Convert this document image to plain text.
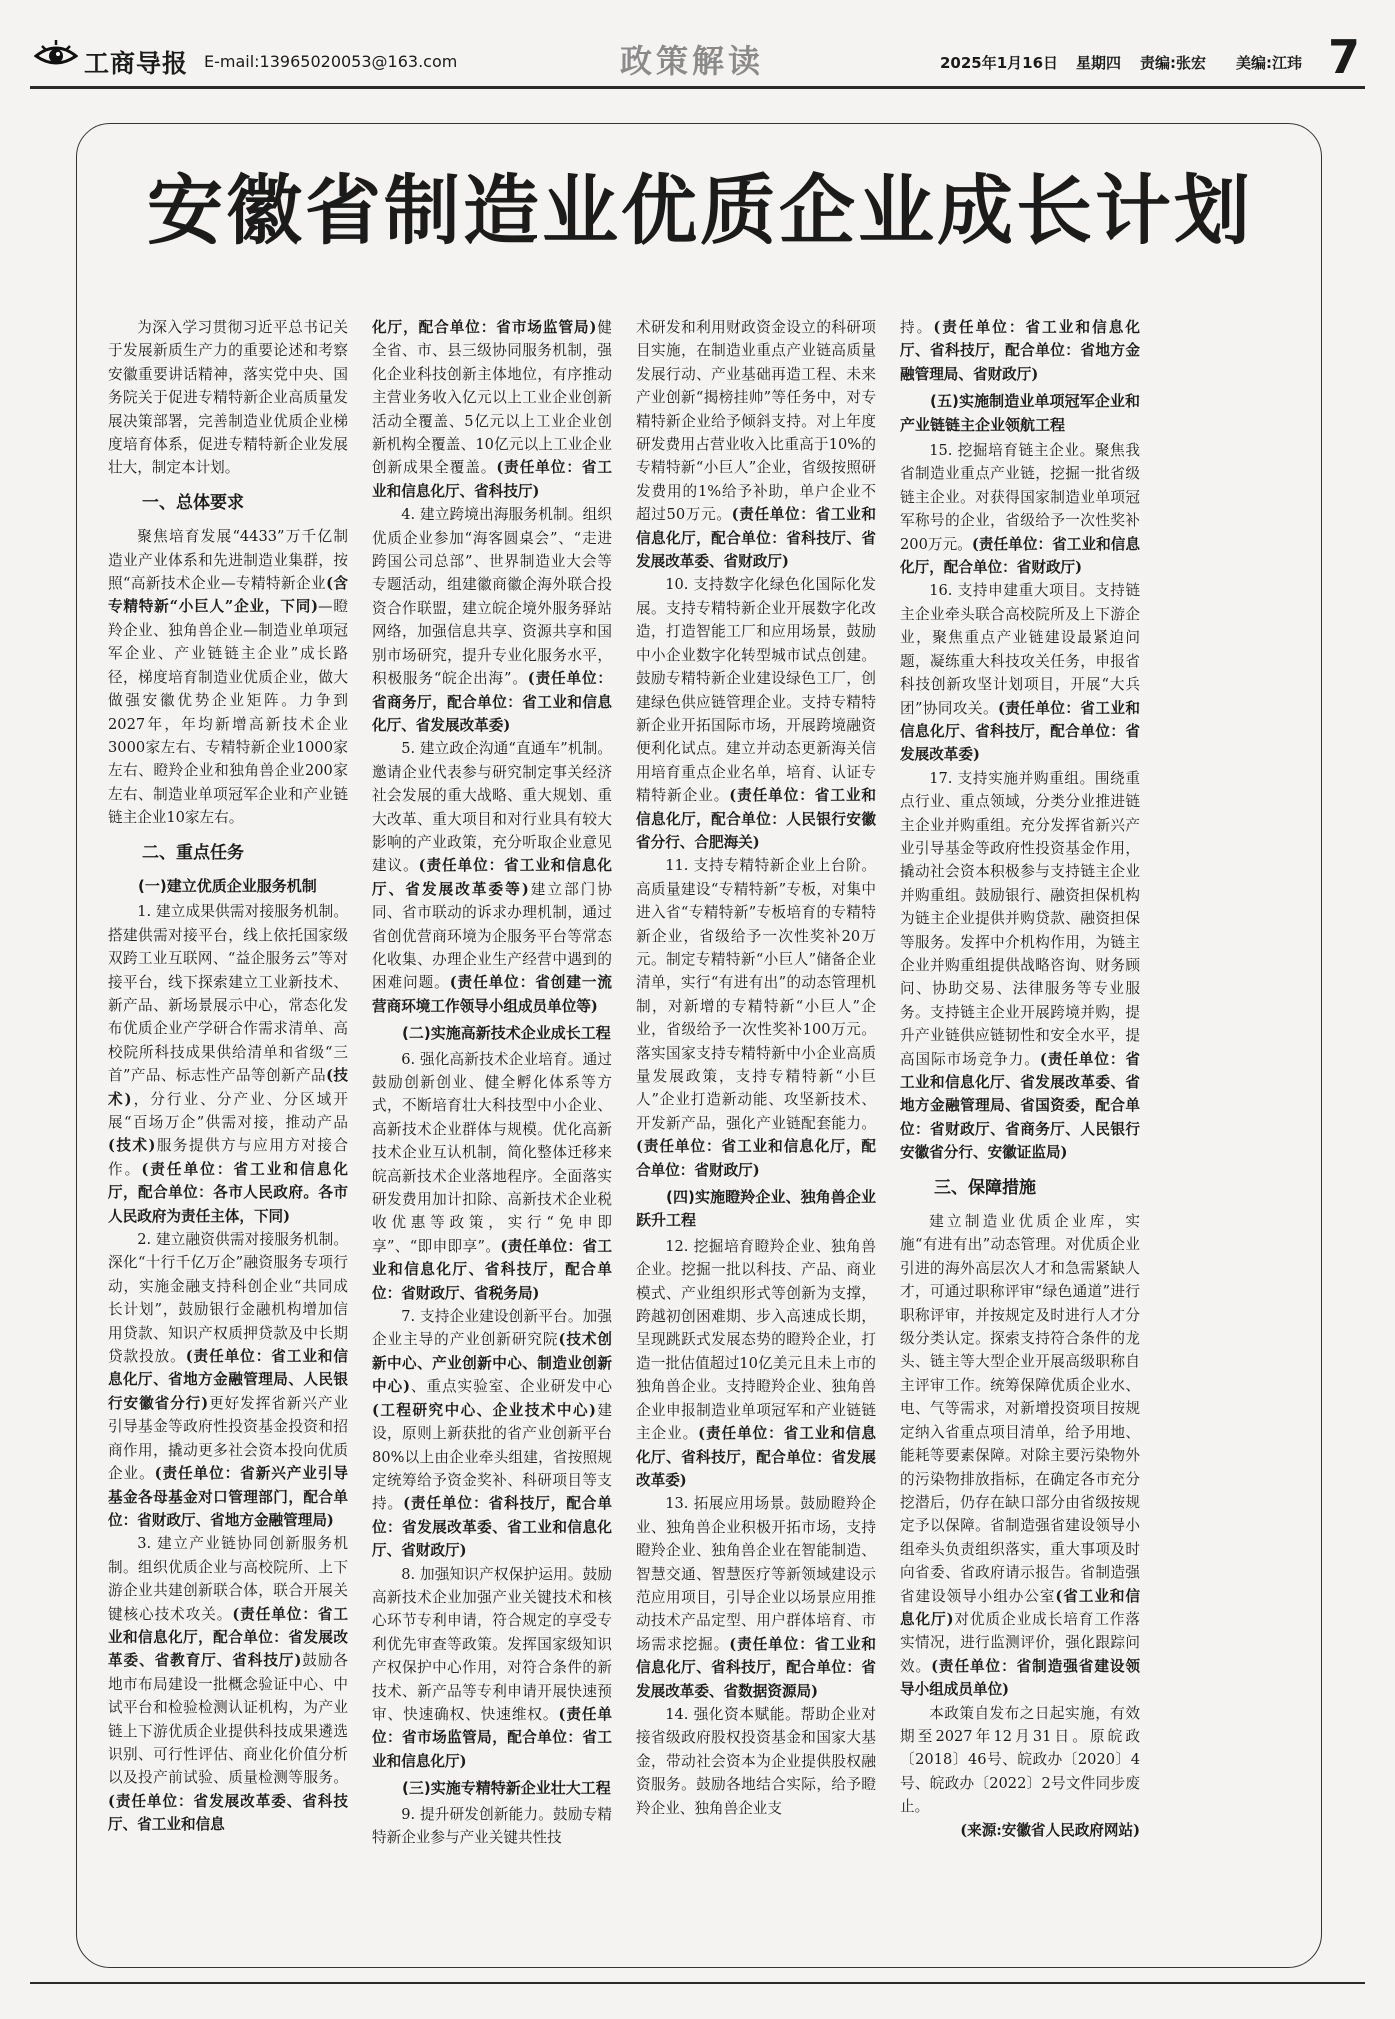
工商导报 E-mail:13965020053@163.com	政策解读	2025年1月16日 星期四 责编:张宏 美编:江玮 7
安徽省制造业优质企业成长计划

为深入学习贯彻习近平总书记关于发展新质生产力的重要论述和考察安徽重要讲话精神，落实党中央、国务院关于促进专精特新企业高质量发展决策部署，完善制造业优质企业梯度培育体系，促进专精特新企业发展壮大，制定本计划。

一、总体要求

聚焦培育发展“4433”万千亿制造业产业体系和先进制造业集群，按照“高新技术企业—专精特新企业(含专精特新“小巨人”企业，下同)—瞪羚企业、独角兽企业—制造业单项冠军企业、产业链链主企业”成长路径，梯度培育制造业优质企业，做大做强安徽优势企业矩阵。力争到2027年，年均新增高新技术企业3000家左右、专精特新企业1000家左右、瞪羚企业和独角兽企业200家左右、制造业单项冠军企业和产业链链主企业10家左右。

二、重点任务
(一)建立优质企业服务机制

1. 建立成果供需对接服务机制。搭建供需对接平台，线上依托国家级双跨工业互联网、“益企服务云”等对接平台，线下探索建立工业新技术、新产品、新场景展示中心，常态化发布优质企业产学研合作需求清单、高校院所科技成果供给清单和省级“三首”产品、标志性产品等创新产品(技术)，分行业、分产业、分区域开展“百场万企”供需对接，推动产品(技术)服务提供方与应用方对接合作。(责任单位：省工业和信息化厅，配合单位：各市人民政府。各市人民政府为责任主体，下同)

2. 建立融资供需对接服务机制。深化“十行千亿万企”融资服务专项行动，实施金融支持科创企业“共同成长计划”，鼓励银行金融机构增加信用贷款、知识产权质押贷款及中长期贷款投放。(责任单位：省工业和信息化厅、省地方金融管理局、人民银行安徽省分行)更好发挥省新兴产业引导基金等政府性投资基金投资和招商作用，撬动更多社会资本投向优质企业。(责任单位：省新兴产业引导基金各母基金对口管理部门，配合单位：省财政厅、省地方金融管理局)

3. 建立产业链协同创新服务机制。组织优质企业与高校院所、上下游企业共建创新联合体，联合开展关键核心技术攻关。(责任单位：省工业和信息化厅，配合单位：省发展改革委、省教育厅、省科技厅)鼓励各地市布局建设一批概念验证中心、中试平台和检验检测认证机构，为产业链上下游优质企业提供科技成果遴选识别、可行性评估、商业化价值分析以及投产前试验、质量检测等服务。(责任单位：省发展改革委、省科技厅、省工业和信息

化厅，配合单位：省市场监管局)健全省、市、县三级协同服务机制，强化企业科技创新主体地位，有序推动主营业务收入亿元以上工业企业创新活动全覆盖、5亿元以上工业企业创新机构全覆盖、10亿元以上工业企业创新成果全覆盖。(责任单位：省工业和信息化厅、省科技厅)

4. 建立跨境出海服务机制。组织优质企业参加“海客圆桌会”、“走进跨国公司总部”、世界制造业大会等专题活动，组建徽商徽企海外联合投资合作联盟，建立皖企境外服务驿站网络，加强信息共享、资源共享和国别市场研究，提升专业化服务水平，积极服务“皖企出海”。(责任单位：省商务厅，配合单位：省工业和信息化厅、省发展改革委)

5. 建立政企沟通“直通车”机制。邀请企业代表参与研究制定事关经济社会发展的重大战略、重大规划、重大改革、重大项目和对行业具有较大影响的产业政策，充分听取企业意见建议。(责任单位：省工业和信息化厅、省发展改革委等)建立部门协同、省市联动的诉求办理机制，通过省创优营商环境为企服务平台等常态化收集、办理企业生产经营中遇到的困难问题。(责任单位：省创建一流营商环境工作领导小组成员单位等)

(二)实施高新技术企业成长工程

6. 强化高新技术企业培育。通过鼓励创新创业、健全孵化体系等方式，不断培育壮大科技型中小企业、高新技术企业群体与规模。优化高新技术企业互认机制，简化整体迁移来皖高新技术企业落地程序。全面落实研发费用加计扣除、高新技术企业税收优惠等政策，实行“免申即享”、“即申即享”。(责任单位：省工业和信息化厅、省科技厅，配合单位：省财政厅、省税务局)

7. 支持企业建设创新平台。加强企业主导的产业创新研究院(技术创新中心、产业创新中心、制造业创新中心)、重点实验室、企业研发中心(工程研究中心、企业技术中心)建设，原则上新获批的省产业创新平台80%以上由企业牵头组建，省按照规定统筹给予资金奖补、科研项目等支持。(责任单位：省科技厅，配合单位：省发展改革委、省工业和信息化厅、省财政厅)

8. 加强知识产权保护运用。鼓励高新技术企业加强产业关键技术和核心环节专利申请，符合规定的享受专利优先审查等政策。发挥国家级知识产权保护中心作用，对符合条件的新技术、新产品等专利申请开展快速预审、快速确权、快速维权。(责任单位：省市场监管局，配合单位：省工业和信息化厅)

(三)实施专精特新企业壮大工程

9. 提升研发创新能力。鼓励专精特新企业参与产业关键共性技

术研发和利用财政资金设立的科研项目实施，在制造业重点产业链高质量发展行动、产业基础再造工程、未来产业创新“揭榜挂帅”等任务中，对专精特新企业给予倾斜支持。对上年度研发费用占营业收入比重高于10%的专精特新“小巨人”企业，省级按照研发费用的1%给予补助，单户企业不超过50万元。(责任单位：省工业和信息化厅，配合单位：省科技厅、省发展改革委、省财政厅)

10. 支持数字化绿色化国际化发展。支持专精特新企业开展数字化改造，打造智能工厂和应用场景，鼓励中小企业数字化转型城市试点创建。鼓励专精特新企业建设绿色工厂，创建绿色供应链管理企业。支持专精特新企业开拓国际市场，开展跨境融资便利化试点。建立并动态更新海关信用培育重点企业名单，培育、认证专精特新企业。(责任单位：省工业和信息化厅，配合单位：人民银行安徽省分行、合肥海关)

11. 支持专精特新企业上台阶。高质量建设“专精特新”专板，对集中进入省“专精特新”专板培育的专精特新企业，省级给予一次性奖补20万元。制定专精特新“小巨人”储备企业清单，实行“有进有出”的动态管理机制，对新增的专精特新“小巨人”企业，省级给予一次性奖补100万元。落实国家支持专精特新中小企业高质量发展政策，支持专精特新“小巨人”企业打造新动能、攻坚新技术、开发新产品，强化产业链配套能力。(责任单位：省工业和信息化厅，配合单位：省财政厅)

(四)实施瞪羚企业、独角兽企业跃升工程

12. 挖掘培育瞪羚企业、独角兽企业。挖掘一批以科技、产品、商业模式、产业组织形式等创新为支撑，跨越初创困难期、步入高速成长期，呈现跳跃式发展态势的瞪羚企业，打造一批估值超过10亿美元且未上市的独角兽企业。支持瞪羚企业、独角兽企业申报制造业单项冠军和产业链链主企业。(责任单位：省工业和信息化厅、省科技厅，配合单位：省发展改革委)

13. 拓展应用场景。鼓励瞪羚企业、独角兽企业积极开拓市场，支持瞪羚企业、独角兽企业在智能制造、智慧交通、智慧医疗等新领域建设示范应用项目，引导企业以场景应用推动技术产品定型、用户群体培育、市场需求挖掘。(责任单位：省工业和信息化厅、省科技厅，配合单位：省发展改革委、省数据资源局)

14. 强化资本赋能。帮助企业对接省级政府股权投资基金和国家大基金，带动社会资本为企业提供股权融资服务。鼓励各地结合实际，给予瞪羚企业、独角兽企业支

持。(责任单位：省工业和信息化厅、省科技厅，配合单位：省地方金融管理局、省财政厅)

(五)实施制造业单项冠军企业和产业链链主企业领航工程

15. 挖掘培育链主企业。聚焦我省制造业重点产业链，挖掘一批省级链主企业。对获得国家制造业单项冠军称号的企业，省级给予一次性奖补200万元。(责任单位：省工业和信息化厅，配合单位：省财政厅)

16. 支持申建重大项目。支持链主企业牵头联合高校院所及上下游企业，聚焦重点产业链建设最紧迫问题，凝练重大科技攻关任务，申报省科技创新攻坚计划项目，开展“大兵团”协同攻关。(责任单位：省工业和信息化厅、省科技厅，配合单位：省发展改革委)

17. 支持实施并购重组。围绕重点行业、重点领域，分类分业推进链主企业并购重组。充分发挥省新兴产业引导基金等政府性投资基金作用，撬动社会资本积极参与支持链主企业并购重组。鼓励银行、融资担保机构为链主企业提供并购贷款、融资担保等服务。发挥中介机构作用，为链主企业并购重组提供战略咨询、财务顾问、协助交易、法律服务等专业服务。支持链主企业开展跨境并购，提升产业链供应链韧性和安全水平，提高国际市场竞争力。(责任单位：省工业和信息化厅、省发展改革委、省地方金融管理局、省国资委，配合单位：省财政厅、省商务厅、人民银行安徽省分行、安徽证监局)

三、保障措施

建立制造业优质企业库，实施“有进有出”动态管理。对优质企业引进的海外高层次人才和急需紧缺人才，可通过职称评审“绿色通道”进行职称评审，并按规定及时进行人才分级分类认定。探索支持符合条件的龙头、链主等大型企业开展高级职称自主评审工作。统筹保障优质企业水、电、气等需求，对新增投资项目按规定纳入省重点项目清单，给予用地、能耗等要素保障。对除主要污染物外的污染物排放指标，在确定各市充分挖潜后，仍存在缺口部分由省级按规定予以保障。省制造强省建设领导小组牵头负责组织落实，重大事项及时向省委、省政府请示报告。省制造强省建设领导小组办公室(省工业和信息化厅)对优质企业成长培育工作落实情况，进行监测评价，强化跟踪问效。(责任单位：省制造强省建设领导小组成员单位)

本政策自发布之日起实施，有效期至2027年12月31日。原皖政〔2018〕46号、皖政办〔2020〕4号、皖政办〔2022〕2号文件同步废止。

(来源:安徽省人民政府网站)
